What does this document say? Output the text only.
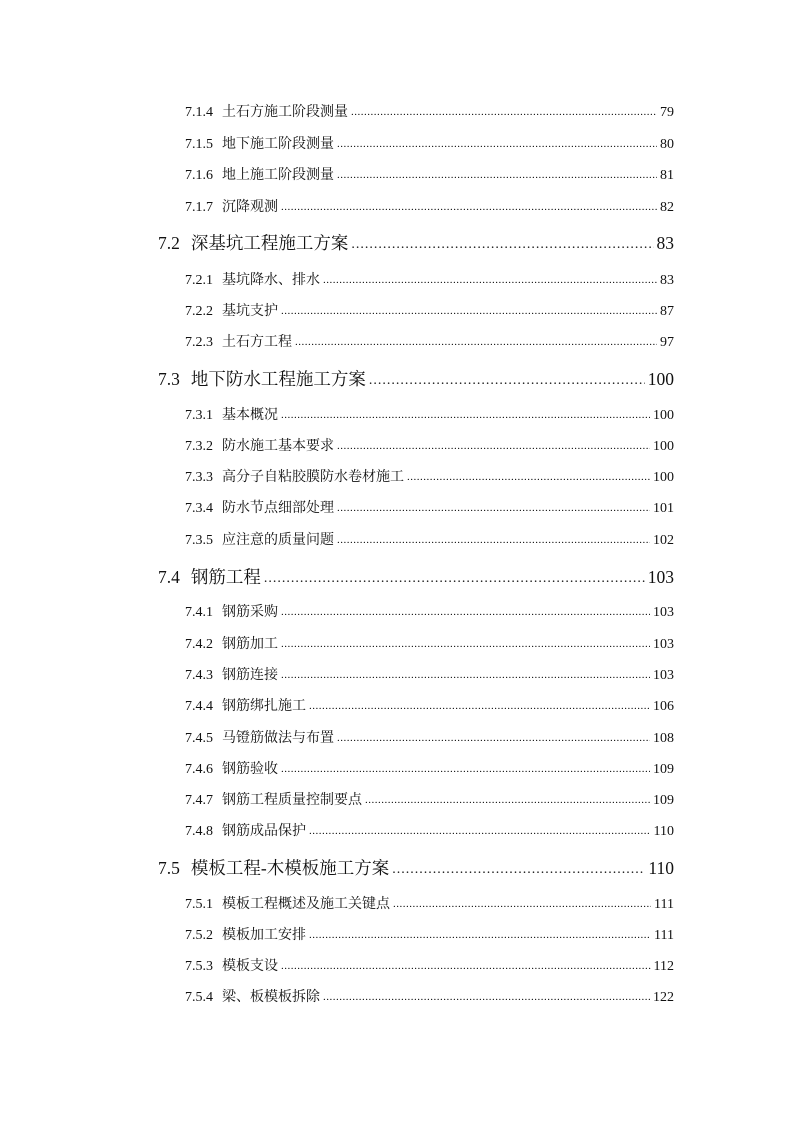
7.1.4 土石方施工阶段测量 .....	79
7.1.5 地下施工阶段测量 .....	80
7.1.6 地上施工阶段测量 .....	81
7.1.7 沉降观测 .....	82
7.2 深基坑工程施工方案 .....	83
7.2.1 基坑降水、排水 .....	83
7.2.2 基坑支护 .....	87
7.2.3 土石方工程 .....	97
7.3 地下防水工程施工方案 .....	100
7.3.1 基本概况 .....	100
7.3.2 防水施工基本要求 .....	100
7.3.3 高分子自粘胶膜防水卷材施工 .....	100
7.3.4 防水节点细部处理 .....	101
7.3.5 应注意的质量问题 .....	102
7.4 钢筋工程 .....	103
7.4.1 钢筋采购 .....	103
7.4.2 钢筋加工 .....	103
7.4.3 钢筋连接 .....	103
7.4.4 钢筋绑扎施工 .....	106
7.4.5 马镫筋做法与布置 .....	108
7.4.6 钢筋验收 .....	109
7.4.7 钢筋工程质量控制要点 .....	109
7.4.8 钢筋成品保护 .....	110
7.5 模板工程-木模板施工方案 .....	110
7.5.1 模板工程概述及施工关键点 .....	111
7.5.2 模板加工安排 .....	111
7.5.3 模板支设 .....	112
7.5.4 梁、板模板拆除 .....	122
